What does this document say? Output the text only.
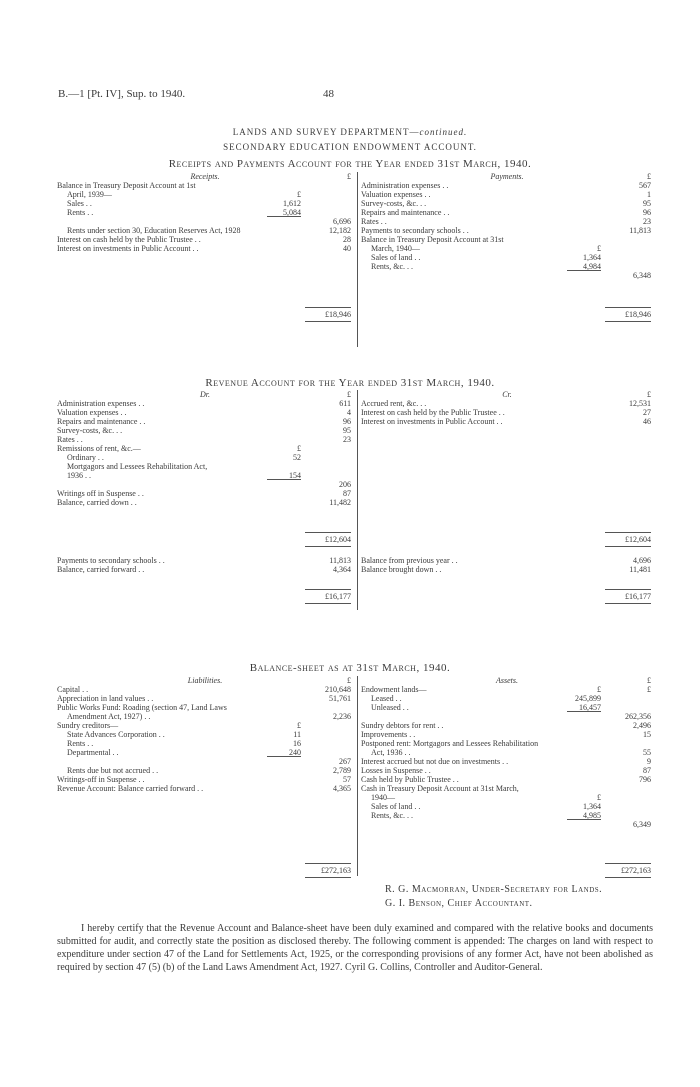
B.—1 [Pt. IV], Sup. to 1940.	48
LANDS AND SURVEY DEPARTMENT—continued.
SECONDARY EDUCATION ENDOWMENT ACCOUNT.
Receipts and Payments Account for the Year ended 31st March, 1940.
Receipts.	£
Balance in Treasury Deposit Account at 1st
April, 1939—	£
Sales . .	1,612
Rents . .	5,084
6,696
Rents under section 30, Education Reserves Act, 1928	12,182
Interest on cash held by the Public Trustee . .	28
Interest on investments in Public Account . .	40
£18,946
Payments.	£
Administration expenses . .	567
Valuation expenses . .	1
Survey-costs, &c. . .	95
Repairs and maintenance . .	96
Rates . .	23
Payments to secondary schools . .	11,813
Balance in Treasury Deposit Account at 31st
March, 1940—	£
Sales of land . .	1,364
Rents, &c. . .	4,984
6,348
£18,946
Revenue Account for the Year ended 31st March, 1940.
Dr.	£
Administration expenses . .	611
Valuation expenses . .	4
Repairs and maintenance . .	96
Survey-costs, &c. . .	95
Rates . .	23
Remissions of rent, &c.—	£
Ordinary . .	52
Mortgagors and Lessees Rehabilitation Act,
1936 . .	154
206
Writings off in Suspense . .	87
Balance, carried down . .	11,482
£12,604
Cr.	£
Accrued rent, &c. . .	12,531
Interest on cash held by the Public Trustee . .	27
Interest on investments in Public Account . .	46
£12,604
Payments to secondary schools . .	11,813
Balance, carried forward . .	4,364
£16,177
Balance from previous year . .	4,696
Balance brought down . .	11,481
£16,177
Balance-sheet as at 31st March, 1940.
Liabilities.	£
Capital . .	210,648
Appreciation in land values . .	51,761
Public Works Fund: Roading (section 47, Land Laws
Amendment Act, 1927) . .	2,236
Sundry creditors—	£
State Advances Corporation . .	11
Rents . .	16
Departmental . .	240
267
Rents due but not accrued . .	2,789
Writings-off in Suspense . .	57
Revenue Account: Balance carried forward . .	4,365
£272,163
Assets.	£
Endowment lands—	£	£
Leased . .	245,899
Unleased . .	16,457
262,356
Sundry debtors for rent . .	2,496
Improvements . .	15
Postponed rent: Mortgagors and Lessees Rehabilitation
Act, 1936 . .	55
Interest accrued but not due on investments . .	9
Losses in Suspense . .	87
Cash held by Public Trustee . .	796
Cash in Treasury Deposit Account at 31st March,
1940—	£
Sales of land . .	1,364
Rents, &c. . .	4,985
6,349
£272,163
R. G. Macmorran, Under-Secretary for Lands.
G. I. Benson, Chief Accountant.
I hereby certify that the Revenue Account and Balance-sheet have been duly examined and compared with the relative books and documents submitted for audit, and correctly state the position as disclosed thereby. The following comment is appended: The charges on land with respect to expenditure under section 47 of the Land for Settlements Act, 1925, or the corresponding provisions of any former Act, have not been abolished as required by section 47 (5) (b) of the Land Laws Amendment Act, 1927. Cyril G. Collins, Controller and Auditor-General.
